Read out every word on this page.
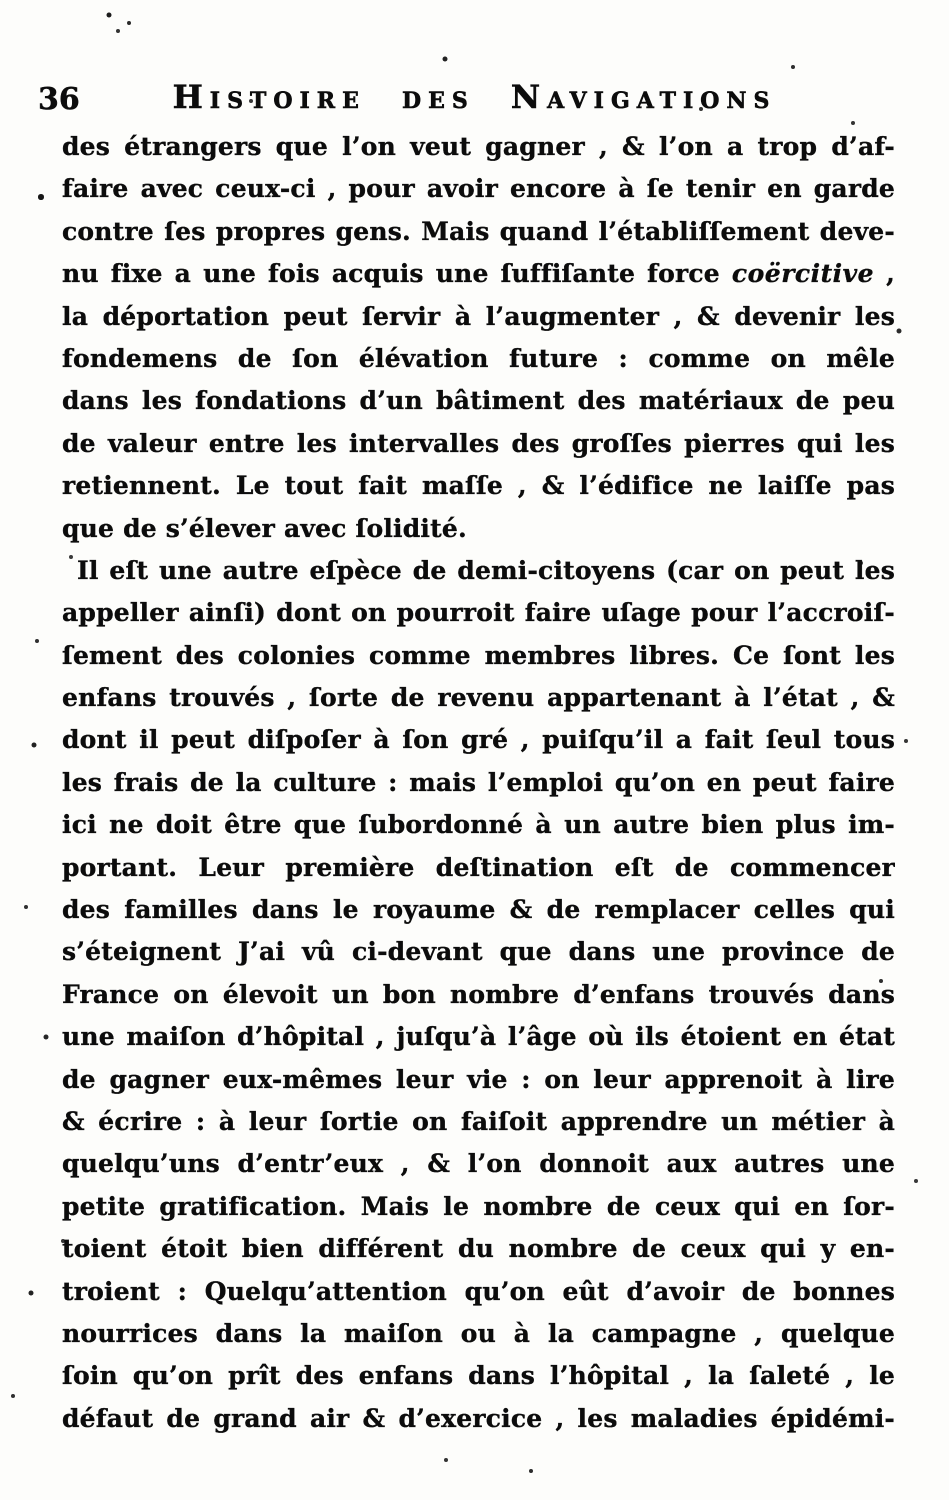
36	Histoire des Navigations
des étrangers que l’on veut gagner , & l’on a trop d’af-
faire avec ceux-ci , pour avoir encore à ſe tenir en garde
contre ſes propres gens. Mais quand l’établiſſement deve-
nu fixe a une fois acquis une ſuffiſante force coërcitive ,
la déportation peut ſervir à l’augmenter , & devenir les
fondemens de ſon élévation future : comme on mêle
dans les fondations d’un bâtiment des matériaux de peu
de valeur entre les intervalles des groſſes pierres qui les
retiennent. Le tout fait maſſe , & l’édifice ne laiſſe pas
que de s’élever avec ſolidité.
Il eſt une autre eſpèce de demi-citoyens (car on peut les
appeller ainſi) dont on pourroit faire uſage pour l’accroiſ-
ſement des colonies comme membres libres. Ce ſont les
enfans trouvés , ſorte de revenu appartenant à l’état , &
dont il peut diſpoſer à ſon gré , puiſqu’il a fait ſeul tous
les frais de la culture : mais l’emploi qu’on en peut faire
ici ne doit être que ſubordonné à un autre bien plus im-
portant. Leur première deſtination eſt de commencer
des familles dans le royaume & de remplacer celles qui
s’éteignent J’ai vû ci-devant que dans une province de
France on élevoit un bon nombre d’enfans trouvés dans
une maiſon d’hôpital , juſqu’à l’âge où ils étoient en état
de gagner eux-mêmes leur vie : on leur apprenoit à lire
& écrire : à leur ſortie on faiſoit apprendre un métier à
quelqu’uns d’entr’eux , & l’on donnoit aux autres une
petite gratification. Mais le nombre de ceux qui en ſor-
toient étoit bien différent du nombre de ceux qui y en-
troient : Quelqu’attention qu’on eût d’avoir de bonnes
nourrices dans la maiſon ou à la campagne , quelque
ſoin qu’on prît des enfans dans l’hôpital , la ſaleté , le
défaut de grand air & d’exercice , les maladies épidémi-
